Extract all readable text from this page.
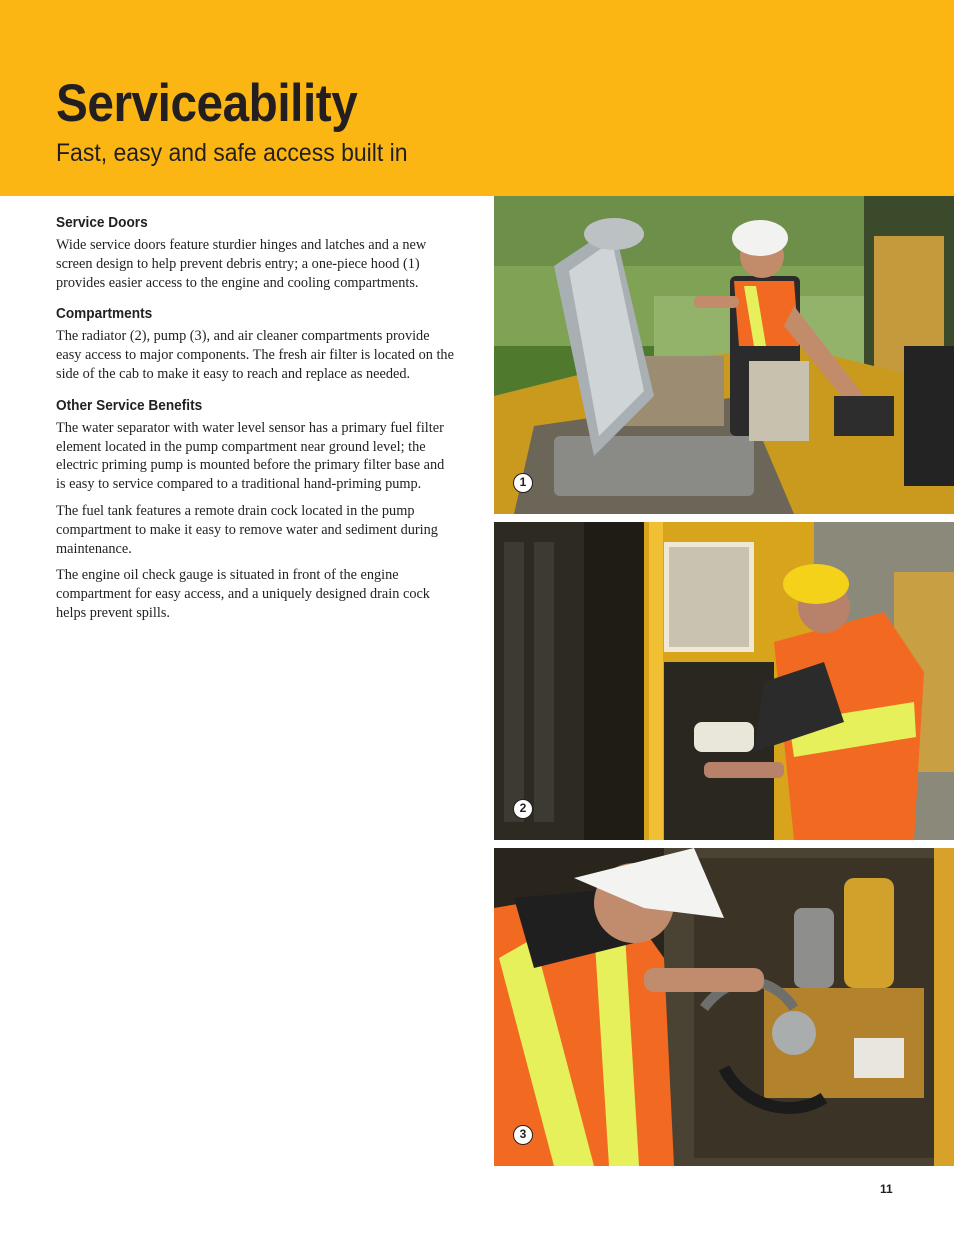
Serviceability
Fast, easy and safe access built in
Service Doors

Wide service doors feature sturdier hinges and latches and a new screen design to help prevent debris entry; a one-piece hood (1) provides easier access to the engine and cooling compartments.

Compartments

The radiator (2), pump (3), and air cleaner compartments provide easy access to major components. The fresh air filter is located on the side of the cab to make it easy to reach and replace as needed.

Other Service Benefits

The water separator with water level sensor has a primary fuel filter element located in the pump compartment near ground level; the electric priming pump is mounted before the primary filter base and is easy to service compared to a traditional hand-priming pump.

The fuel tank features a remote drain cock located in the pump compartment to make it easy to remove water and sediment during maintenance.

The engine oil check gauge is situated in front of the engine compartment for easy access, and a uniquely designed drain cock helps prevent spills.

1
2
3
11
